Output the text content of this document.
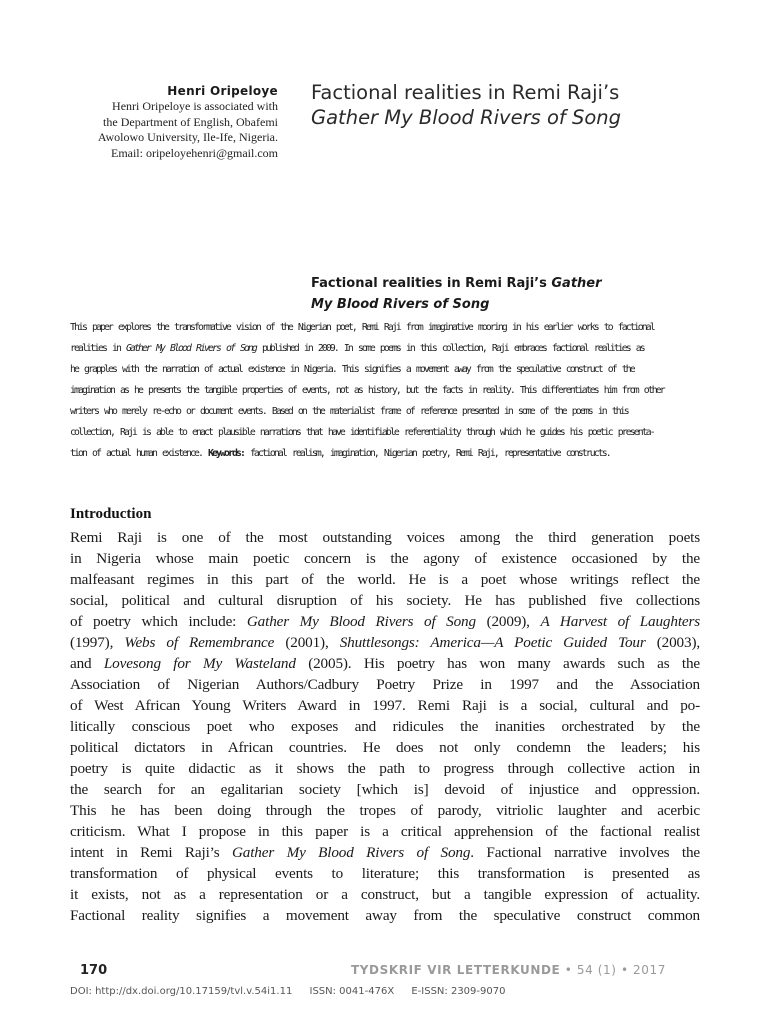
Henri Oripeloye
Henri Oripeloye is associated with
the Department of English, Obafemi
Awolowo University, Ile-Ife, Nigeria.
Email: oripeloyehenri@gmail.com
Factional realities in Remi Raji’s
Gather My Blood Rivers of Song
Factional realities in Remi Raji’s Gather
My Blood Rivers of Song
This paper explores the transformative vision of the Nigerian poet, Remi Raji from imaginative mooring in his earlier works to factional
realities in Gather My Blood Rivers of Song published in 2009. In some poems in this collection, Raji embraces factional realities as
he grapples with the narration of actual existence in Nigeria. This signifies a movement away from the speculative construct of the
imagination as he presents the tangible properties of events, not as history, but the facts in reality. This differentiates him from other
writers who merely re-echo or document events. Based on the materialist frame of reference presented in some of the poems in this
collection, Raji is able to enact plausible narrations that have identifiable referentiality through which he guides his poetic presenta-
tion of actual human existence. Keywords: factional realism, imagination, Nigerian poetry, Remi Raji, representative constructs.
Introduction
Remi Raji is one of the most outstanding voices among the third generation poets
in Nigeria whose main poetic concern is the agony of existence occasioned by the
malfeasant regimes in this part of the world. He is a poet whose writings reflect the
social, political and cultural disruption of his society. He has published five collections
of poetry which include: Gather My Blood Rivers of Song (2009), A Harvest of Laughters
(1997), Webs of Remembrance (2001), Shuttlesongs: America—A Poetic Guided Tour (2003),
and Lovesong for My Wasteland (2005). His poetry has won many awards such as the
Association of Nigerian Authors/Cadbury Poetry Prize in 1997 and the Association
of West African Young Writers Award in 1997. Remi Raji is a social, cultural and po-
litically conscious poet who exposes and ridicules the inanities orchestrated by the
political dictators in African countries. He does not only condemn the leaders; his
poetry is quite didactic as it shows the path to progress through collective action in
the search for an egalitarian society [which is] devoid of injustice and oppression.
This he has been doing through the tropes of parody, vitriolic laughter and acerbic
criticism. What I propose in this paper is a critical apprehension of the factional realist
intent in Remi Raji’s Gather My Blood Rivers of Song. Factional narrative involves the
transformation of physical events to literature; this transformation is presented as
it exists, not as a representation or a construct, but a tangible expression of actuality.
Factional reality signifies a movement away from the speculative construct common
170	TYDSKRIF VIR LETTERKUNDE • 54 (1) • 2017
DOI: http://dx.doi.org/10.17159/tvl.v.54i1.11 ISSN: 0041-476X E-ISSN: 2309-9070
